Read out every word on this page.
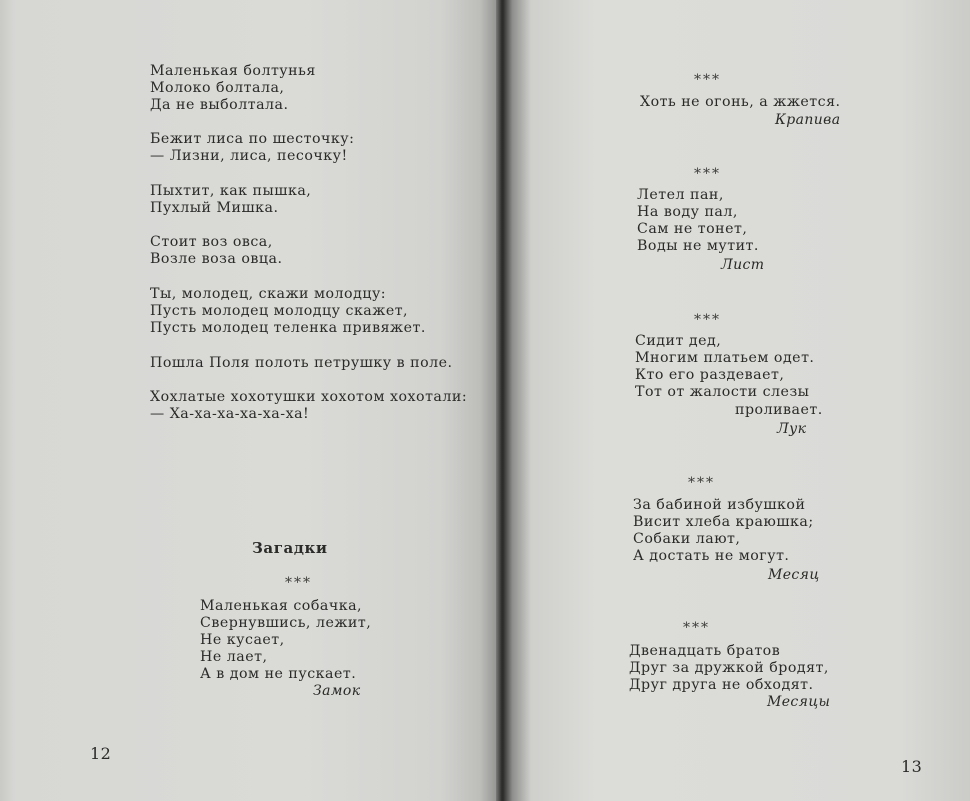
Маленькая болтунья
Молоко болтала,
Да не выболтала.
Бежит лиса по шесточку:
— Лизни, лиса, песочку!
Пыхтит, как пышка,
Пухлый Мишка.
Стоит воз овса,
Возле воза овца.
Ты, молодец, скажи молодцу:
Пусть молодец молодцу скажет,
Пусть молодец теленка привяжет.
Пошла Поля полоть петрушку в поле.
Хохлатые хохотушки хохотом хохотали:
— Ха-ха-ха-ха-ха-ха!
Загадки
***
Маленькая собачка,
Свернувшись, лежит,
Не кусает,
Не лает,
А в дом не пускает.
Замок
12
***
Хоть не огонь, а жжется.
Крапива
***
Летел пан,
На воду пал,
Сам не тонет,
Воды не мутит.
Лист
***
Сидит дед,
Многим платьем одет.
Кто его раздевает,
Тот от жалости слезы
проливает.
Лук
***
За бабиной избушкой
Висит хлеба краюшка;
Собаки лают,
А достать не могут.
Месяц
***
Двенадцать братов
Друг за дружкой бродят,
Друг друга не обходят.
Месяцы
13
